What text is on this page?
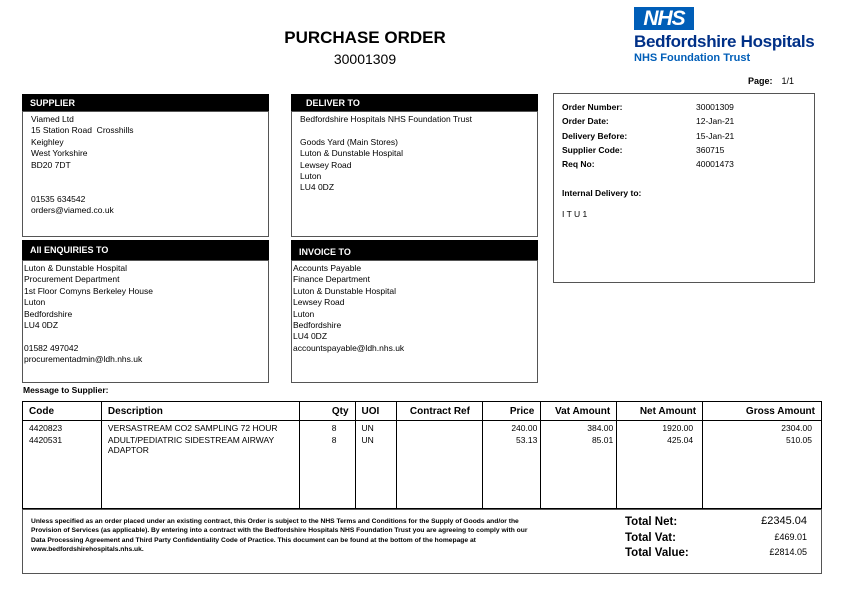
PURCHASE ORDER
30001309
NHS
Bedfordshire Hospitals
NHS Foundation Trust
Page: 1/1
SUPPLIER
Viamed Ltd
15 Station Road  Crosshills
Keighley
West Yorkshire
BD20 7DT

01535 634542
orders@viamed.co.uk
DELIVER TO
Bedfordshire Hospitals NHS Foundation Trust

Goods Yard (Main Stores)
Luton & Dunstable Hospital
Lewsey Road
Luton
LU4 0DZ
All ENQUIRIES TO
Luton & Dunstable Hospital
Procurement Department
1st Floor Comyns Berkeley House
Luton
Bedfordshire
LU4 0DZ

01582 497042
procurementadmin@ldh.nhs.uk
INVOICE TO
Accounts Payable
Finance Department
Luton & Dunstable Hospital
Lewsey Road
Luton
Bedfordshire
LU4 0DZ
accountspayable@ldh.nhs.uk
Order Number:	30001309
Order Date:	12-Jan-21
Delivery Before:	15-Jan-21
Supplier Code:	360715
Req No:	40001473
Internal Delivery to:
I T U 1
Message to Supplier:
Code	Description	Qty	UOI	Contract Ref	Price	Vat Amount	Net Amount	Gross Amount
4420823	VERSASTREAM CO2 SAMPLING 72 HOUR	8	UN		240.00	384.00	1920.00	2304.00
4420531	ADULT/PEDIATRIC SIDESTREAM AIRWAY ADAPTOR	8	UN		53.13	85.01	425.04	510.05

Unless specified as an order placed under an existing contract, this Order is subject to the NHS Terms and Conditions for the Supply of Goods and/or the Provision of Services (as applicable). By entering into a contract with the Bedfordshire Hospitals NHS Foundation Trust you are agreeing to comply with our Data Processing Agreement and Third Party Confidentiality Code of Practice. This document can be found at the bottom of the homepage at www.bedfordshirehospitals.nhs.uk.
Total Net:	£2345.04
Total Vat:	£469.01
Total Value:	£2814.05
